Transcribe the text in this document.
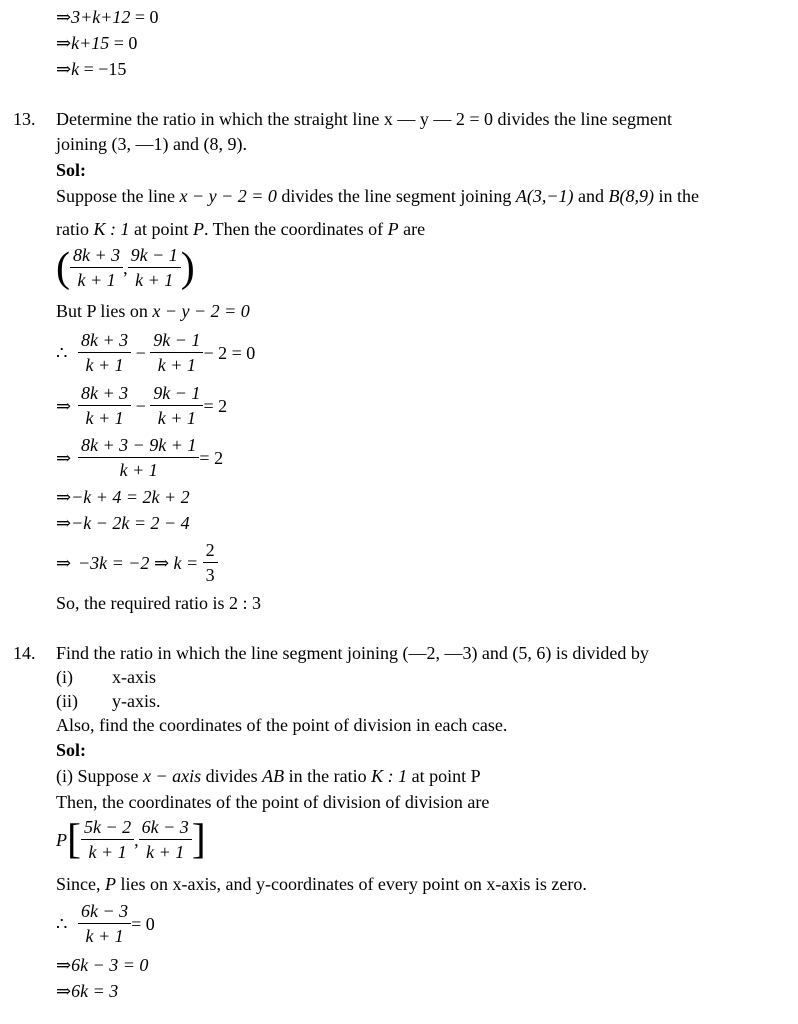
⇒3+k+12 = 0
⇒k+15 = 0
⇒k = −15
13. Determine the ratio in which the straight line x — y — 2 = 0 divides the line segment
joining (3, —1) and (8, 9).
Sol:
Suppose the line x − y − 2 = 0 divides the line segment joining A(3,−1) and B(8,9) in the
ratio K : 1 at point P. Then the coordinates of P are
( $\frac{8k + 3}{k + 1}$ , $\frac{9k - 1}{k + 1}$ )
But P lies on x − y − 2 = 0
∴ $\frac{8k + 3}{k + 1} - \frac{9k - 1}{k + 1} - 2 = 0$
⇒ $\frac{8k + 3}{k + 1} - \frac{9k - 1}{k + 1} = 2$
⇒ $\frac{8k + 3 - 9k + 1}{k + 1} = 2$
⇒−k + 4 = 2k + 2
⇒−k − 2k = 2 − 4
⇒ −3k = −2 ⇒ k =
$\frac{2}{3}$
So, the required ratio is 2 : 3
14. Find the ratio in which the line segment joining (—2, —3) and (5, 6) is divided by
(i) x-axis
(ii) y-axis.
Also, find the coordinates of the point of division in each case.
Sol:
(i) Suppose x − axis divides AB in the ratio K : 1 at point P
Then, the coordinates of the point of division of division are
P [ $\frac{5k - 2}{k + 1}$ , $\frac{6k - 3}{k + 1}$ ]
Since, P lies on x-axis, and y-coordinates of every point on x-axis is zero.
∴ $\frac{6k - 3}{k + 1} = 0$
⇒6k − 3 = 0
⇒6k = 3
